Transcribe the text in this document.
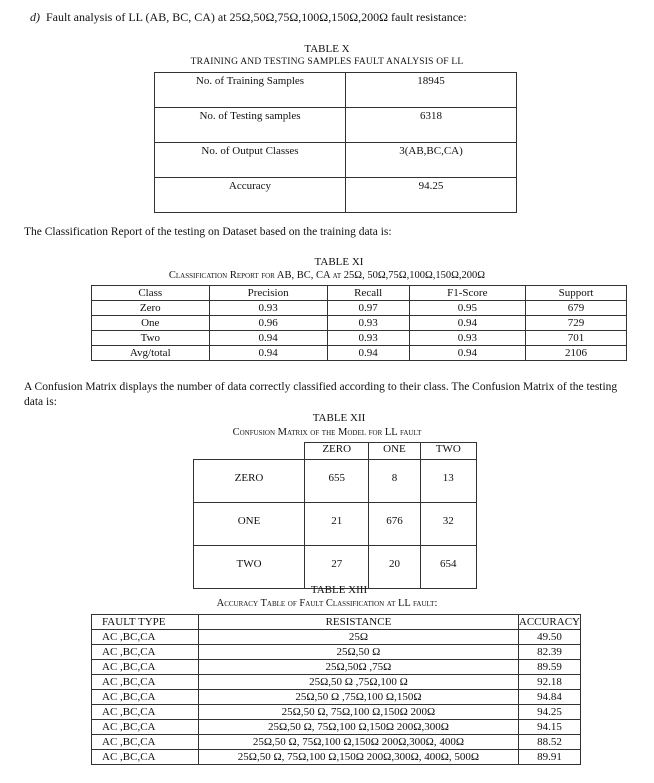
d) Fault analysis of LL (AB, BC, CA) at 25Ω,50Ω,75Ω,100Ω,150Ω,200Ω fault resistance:
TABLE X
TRAINING AND TESTING SAMPLES FAULT ANALYSIS OF LL
No. of Training Samples	18945
No. of Testing samples	6318
No. of Output Classes	3(AB,BC,CA)
Accuracy	94.25
The Classification Report of the testing on Dataset based on the training data is:
TABLE XI
Classification Report for AB, BC, CA at 25Ω, 50Ω,75Ω,100Ω,150Ω,200Ω
Class	Precision	Recall	F1-Score	Support
Zero	0.93	0.97	0.95	679
One	0.96	0.93	0.94	729
Two	0.94	0.93	0.93	701
Avg/total	0.94	0.94	0.94	2106
A Confusion Matrix displays the number of data correctly classified according to their class. The Confusion Matrix of the testing data is:
TABLE XII
Confusion Matrix of the Model for LL fault
	ZERO	ONE	TWO
ZERO	655	8	13
ONE	21	676	32
TWO	27	20	654
TABLE XIII
Accuracy Table of Fault Classification at LL fault:
FAULT TYPE	RESISTANCE	ACCURACY
AC ,BC,CA	25Ω	49.50
AC ,BC,CA	25Ω,50 Ω	82.39
AC ,BC,CA	25Ω,50Ω ,75Ω	89.59
AC ,BC,CA	25Ω,50 Ω ,75Ω,100 Ω	92.18
AC ,BC,CA	25Ω,50 Ω ,75Ω,100 Ω,150Ω	94.84
AC ,BC,CA	25Ω,50 Ω, 75Ω,100 Ω,150Ω 200Ω	94.25
AC ,BC,CA	25Ω,50 Ω, 75Ω,100 Ω,150Ω 200Ω,300Ω	94.15
AC ,BC,CA	25Ω,50 Ω, 75Ω,100 Ω,150Ω 200Ω,300Ω, 400Ω	88.52
AC ,BC,CA	25Ω,50 Ω, 75Ω,100 Ω,150Ω 200Ω,300Ω, 400Ω, 500Ω	89.91
